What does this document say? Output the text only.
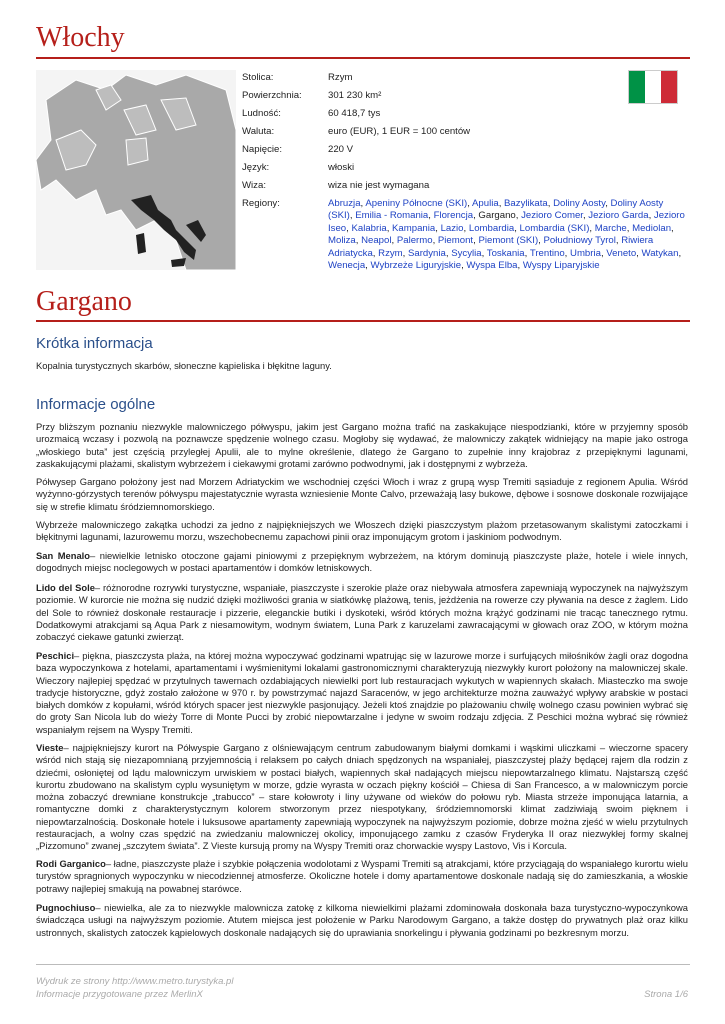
Włochy
Stolica:	Rzym
Powierzchnia:	301 230 km²
Ludność:	60 418,7 tys
Waluta:	euro (EUR), 1 EUR = 100 centów
Napięcie:	220 V
Język:	włoski
Wiza:	wiza nie jest wymagana
Regiony:	Abruzja, Apeniny Północne (SKI), Apulia, Bazylikata, Doliny Aosty, Doliny Aosty (SKI), Emilia - Romania, Florencja, Gargano, Jezioro Comer, Jezioro Garda, Jezioro Iseo, Kalabria, Kampania, Lazio, Lombardia, Lombardia (SKI), Marche, Mediolan, Moliza, Neapol, Palermo, Piemont, Piemont (SKI), Południowy Tyrol, Riwiera Adriatycka, Rzym, Sardynia, Sycylia, Toskania, Trentino, Umbria, Veneto, Watykan, Wenecja, Wybrzeże Liguryjskie, Wyspa Elba, Wyspy Liparyjskie
Gargano
Krótka informacja

Kopalnia turystycznych skarbów, słoneczne kąpieliska i błękitne laguny.

Informacje ogólne

Przy bliższym poznaniu niezwykle malowniczego półwyspu, jakim jest Gargano można trafić na zaskakujące niespodzianki, które w przyjemny sposób urozmaicą wczasy i pozwolą na poznawcze spędzenie wolnego czasu. Mogłoby się wydawać, że malowniczy zakątek widniejący na mapie jako ostroga „włoskiego buta” jest częścią przyległej Apulii, ale to mylne określenie, dlatego że Gargano to zupełnie inny krajobraz z przepięknymi lagunami, zaskakującymi plażami, skalistym wybrzeżem i ciekawymi grotami zarówno podwodnymi, jak i dostępnymi z wybrzeża.

Półwysep Gargano położony jest nad Morzem Adriatyckim we wschodniej części Włoch i wraz z grupą wysp Tremiti sąsiaduje z regionem Apulia. Wśród wyżynno-górzystych terenów półwyspu majestatycznie wyrasta wzniesienie Monte Calvo, przeważają lasy bukowe, dębowe i sosnowe doskonale rozwijające się w strefie klimatu śródziemnomorskiego.

Wybrzeże malowniczego zakątka uchodzi za jedno z najpiękniejszych we Włoszech dzięki piaszczystym plażom przetasowanym skalistymi zatoczkami i błękitnymi lagunami, lazurowemu morzu, wszechobecnemu zapachowi pinii oraz imponującym grotom i jaskiniom podwodnym.

San Menalo– niewielkie letnisko otoczone gajami piniowymi z przepięknym wybrzeżem, na którym dominują piaszczyste plaże, hotele i wiele innych, dogodnych miejsc noclegowych w postaci apartamentów i domków letniskowych.

Lido del Sole– różnorodne rozrywki turystyczne, wspaniałe, piaszczyste i szerokie plaże oraz niebywała atmosfera zapewniają wypoczynek na najwyższym poziomie. W kurorcie nie można się nudzić dzięki możliwości grania w siatkówkę plażową, tenis, jeżdżenia na rowerze czy pływania na desce z żaglem. Lido del Sole to również doskonałe restauracje i pizzerie, eleganckie butiki i dyskoteki, wśród których można krążyć godzinami nie tracąc tanecznego rytmu. Dodatkowymi atrakcjami są Aqua Park z niesamowitym, wodnym światem, Luna Park z karuzelami zawracającymi w głowach oraz ZOO, w którym można zobaczyć ciekawe gatunki zwierząt.

Peschici– piękna, piaszczysta plaża, na której można wypoczywać godzinami wpatrując się w lazurowe morze i surfujących miłośników żagli oraz dogodna baza wypoczynkowa z hotelami, apartamentami i wyśmienitymi lokalami gastronomicznymi charakteryzują niezwykły kurort położony na malowniczej skale. Wieczory najlepiej spędzać w przytulnych tawernach ozdabiających niewielki port lub restauracjach wykutych w wapiennych skałach. Miasteczko ma swoje tradycje historyczne, gdyż zostało założone w 970 r. by powstrzymać najazd Saracenów, w jego architekturze można zauważyć wpływy arabskie w postaci białych domków z kopułami, wśród których spacer jest niezwykle pasjonujący. Jeżeli ktoś znajdzie po plażowaniu chwilę wolnego czasu powinien wybrać się do groty San Nicola lub do wieży Torre di Monte Pucci by zrobić niepowtarzalne i jedyne w swoim rodzaju zdjęcia. Z Peschici można wybrać się również wspaniałym rejsem na Wyspy Tremiti.

Vieste– najpiękniejszy kurort na Półwyspie Gargano z olśniewającym centrum zabudowanym białymi domkami i wąskimi uliczkami – wieczorne spacery wśród nich stają się niezapomnianą przyjemnością i relaksem po całych dniach spędzonych na wspaniałej, piaszczystej plaży będącej rajem dla rodzin z dziećmi, osłoniętej od lądu malowniczym urwiskiem w postaci białych, wapiennych skał nadających miejscu niepowtarzalnego klimatu. Najstarszą część kurortu zbudowano na skalistym cyplu wysuniętym w morze, gdzie wyrasta w oczach piękny kościół – Chiesa di San Francesco, a w malowniczym porcie można zobaczyć drewniane konstrukcje „trabucco” – stare kołowroty i liny używane od wieków do połowu ryb. Miasta strzeże imponująca latarnia, a romantyczne domki z charakterystycznym kolorem stworzonym przez niespotykany, śródziemnomorski klimat zadziwiają swoim pięknem i niepowtarzalnością. Doskonałe hotele i luksusowe apartamenty zapewniają wypoczynek na najwyższym poziomie, dobrze można zjeść w wielu przytulnych restauracjach, a wolny czas spędzić na zwiedzaniu malowniczej okolicy, imponującego zamku z czasów Fryderyka II oraz niezwykłej formy skalnej „Pizzomuno” zwanej „szczytem świata”. Z Vieste kursują promy na Wyspy Tremiti oraz chorwackie wyspy Lastovo, Vis i Korcula.

Rodi Garganico– ładne, piaszczyste plaże i szybkie połączenia wodolotami z Wyspami Tremiti są atrakcjami, które przyciągają do wspaniałego kurortu wielu turystów spragnionych wypoczynku w niecodziennej atmosferze. Okoliczne hotele i domy apartamentowe doskonale nadają się do zamieszkania, a włoskie potrawy najlepiej smakują na powabnej starówce.

Pugnochiuso– niewielka, ale za to niezwykle malownicza zatokę z kilkoma niewielkimi plażami zdominowała doskonała baza turystyczno-wypoczynkowa świadcząca usługi na najwyższym poziomie. Atutem miejsca jest położenie w Parku Narodowym Gargano, a także dostęp do prywatnych plaż oraz kilku ustronnych, skalistych zatoczek kąpielowych doskonale nadających się do uprawiania snorkelingu i pływania godzinami po bezkresnym morzu.

Wydruk ze strony http://www.metro.turystyka.pl
Informacje przygotowane przez MerlinX	Strona 1/6
